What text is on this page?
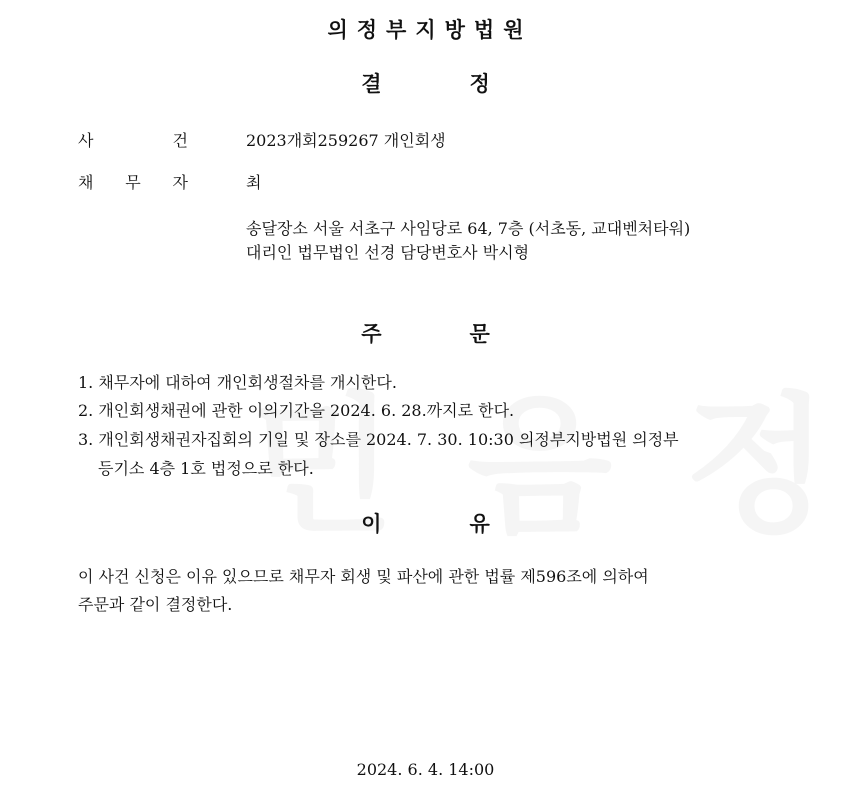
의정부지방법원
결	정
사	건	2023개회259267 개인회생
채 무 자	최
송달장소 서울 서초구 사임당로 64, 7층 (서초동, 교대벤처타워)
대리인 법무법인 선경 담당변호사 박시형
주	문
1. 채무자에 대하여 개인회생절차를 개시한다.
2. 개인회생채권에 관한 이의기간을 2024. 6. 28.까지로 한다.
3. 개인회생채권자집회의 기일 및 장소를 2024. 7. 30. 10:30 의정부지방법원 의정부
등기소 4층 1호 법정으로 한다.
이	유
이 사건 신청은 이유 있으므로 채무자 회생 및 파산에 관한 법률 제596조에 의하여
주문과 같이 결정한다.
2024. 6. 4. 14:00
